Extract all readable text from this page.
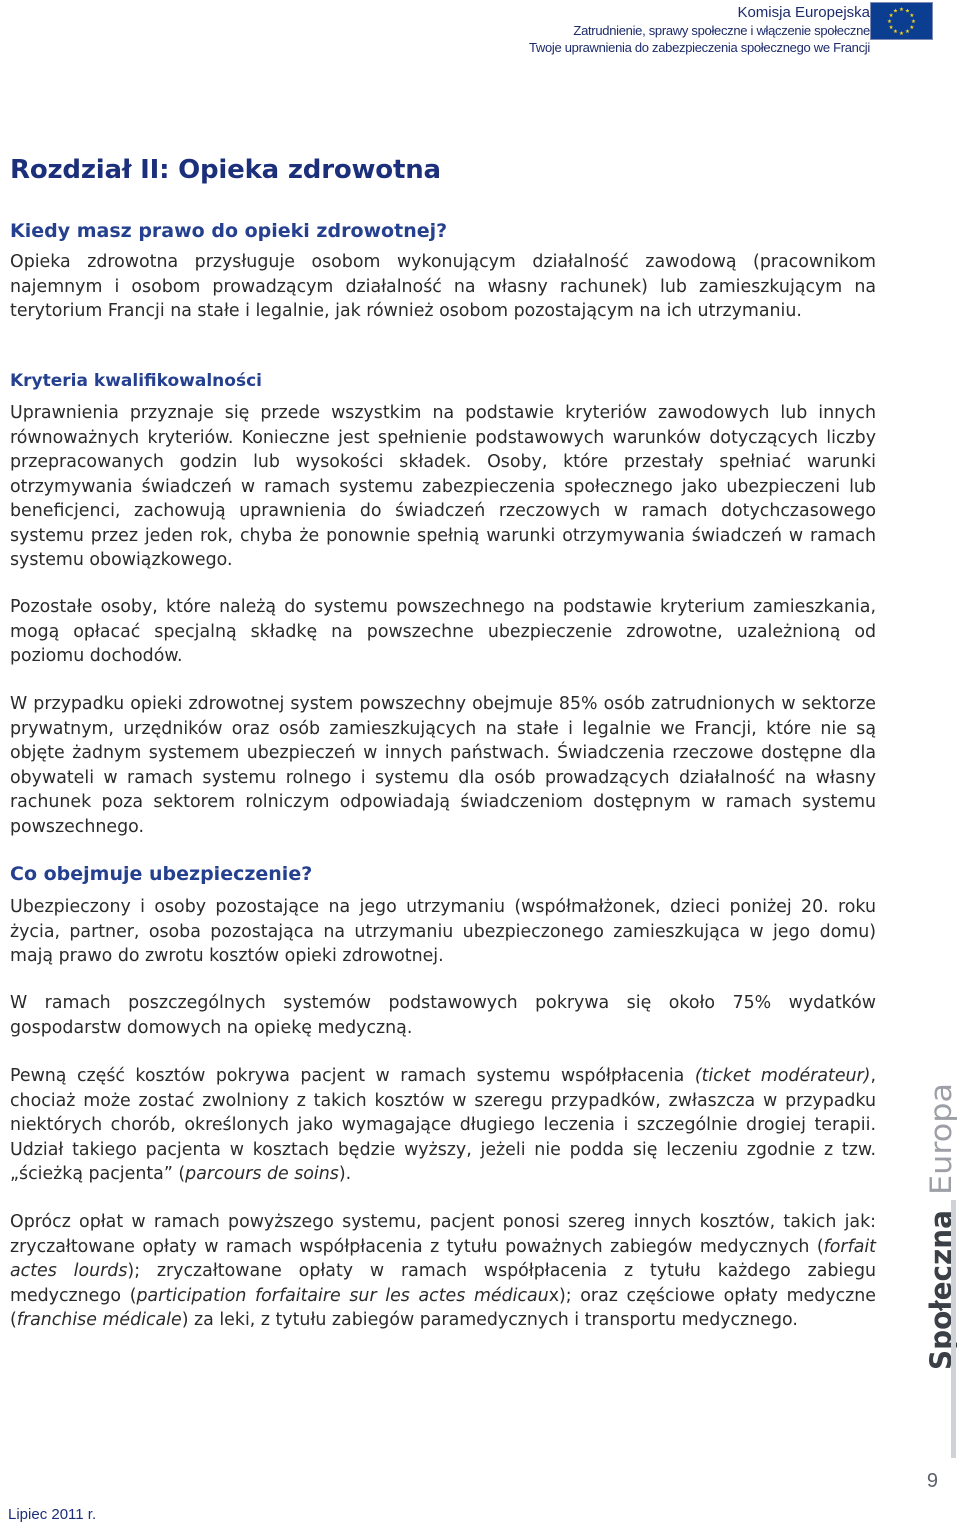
Komisja Europejska
Zatrudnienie, sprawy społeczne i włączenie społeczne
Twoje uprawnienia do zabezpieczenia społecznego we Francji
★ ★
★
★
★
★
★
★
★
★
★
★
Rozdział II: Opieka zdrowotna
Kiedy masz prawo do opieki zdrowotnej?

Opieka zdrowotna przysługuje osobom wykonującym działalność zawodową (pracownikom najemnym i osobom prowadzącym działalność na własny rachunek) lub zamieszkującym na terytorium Francji na stałe i legalnie, jak również osobom pozostającym na ich utrzymaniu.

Kryteria kwalifikowalności

Uprawnienia przyznaje się przede wszystkim na podstawie kryteriów zawodowych lub innych równoważnych kryteriów. Konieczne jest spełnienie podstawowych warunków dotyczących liczby przepracowanych godzin lub wysokości składek. Osoby, które przestały spełniać warunki otrzymywania świadczeń w ramach systemu zabezpieczenia społecznego jako ubezpieczeni lub beneficjenci, zachowują uprawnienia do świadczeń rzeczowych w ramach dotychczasowego systemu przez jeden rok, chyba że ponownie spełnią warunki otrzymywania świadczeń w ramach systemu obowiązkowego.

Pozostałe osoby, które należą do systemu powszechnego na podstawie kryterium zamieszkania, mogą opłacać specjalną składkę na powszechne ubezpieczenie zdrowotne, uzależnioną od poziomu dochodów.

W przypadku opieki zdrowotnej system powszechny obejmuje 85% osób zatrudnionych w sektorze prywatnym, urzędników oraz osób zamieszkujących na stałe i legalnie we Francji, które nie są objęte żadnym systemem ubezpieczeń w innych państwach. Świadczenia rzeczowe dostępne dla obywateli w ramach systemu rolnego i systemu dla osób prowadzących działalność na własny rachunek poza sektorem rolniczym odpowiadają świadczeniom dostępnym w ramach systemu powszechnego.

Co obejmuje ubezpieczenie?

Ubezpieczony i osoby pozostające na jego utrzymaniu (współmałżonek, dzieci poniżej 20. roku życia, partner, osoba pozostająca na utrzymaniu ubezpieczonego zamieszkująca w jego domu) mają prawo do zwrotu kosztów opieki zdrowotnej.

W ramach poszczególnych systemów podstawowych pokrywa się około 75% wydatków gospodarstw domowych na opiekę medyczną.

Pewną część kosztów pokrywa pacjent w ramach systemu współpłacenia (ticket modérateur), chociaż może zostać zwolniony z takich kosztów w szeregu przypadków, zwłaszcza w przypadku niektórych chorób, określonych jako wymagające długiego leczenia i szczególnie drogiej terapii. Udział takiego pacjenta w kosztach będzie wyższy, jeżeli nie podda się leczeniu zgodnie z tzw. „ścieżką pacjenta” (parcours de soins).

Oprócz opłat w ramach powyższego systemu, pacjent ponosi szereg innych kosztów, takich jak: zryczałtowane opłaty w ramach współpłacenia z tytułu poważnych zabiegów medycznych (forfait actes lourds); zryczałtowane opłaty w ramach współpłacenia z tytułu każdego zabiegu medycznego (participation forfaitaire sur les actes médicaux); oraz częściowe opłaty medyczne (franchise médicale) za leki, z tytułu zabiegów paramedycznych i transportu medycznego.	Społeczna
Europa
9
Lipiec 2011 r.
